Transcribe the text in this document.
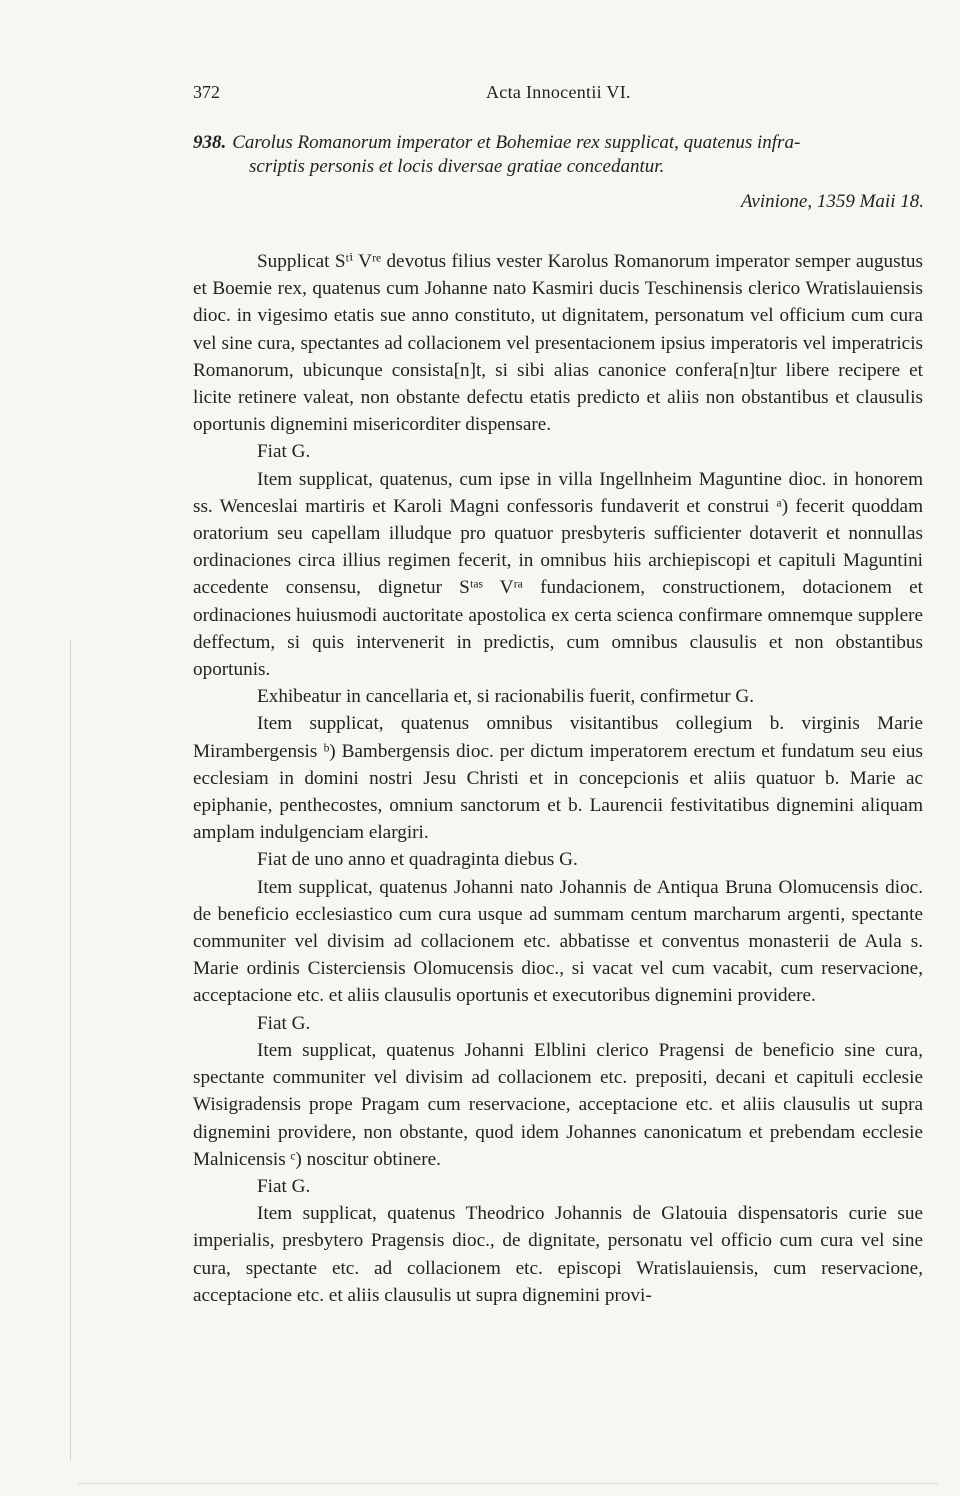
372	Acta Innocentii VI.
938. Carolus Romanorum imperator et Bohemiae rex supplicat, quatenus infra-
scriptis personis et locis diversae gratiae concedantur.
Avinione, 1359 Maii 18.

Supplicat Sᵗⁱ Vʳᵉ devotus filius vester Karolus Romanorum imperator semper augustus et Boemie rex, quatenus cum Johanne nato Kasmiri ducis Teschinensis clerico Wratislauiensis dioc. in vigesimo etatis sue anno constituto, ut dignitatem, personatum vel officium cum cura vel sine cura, spectantes ad collacionem vel presentacionem ipsius imperatoris vel imperatricis Romanorum, ubicunque consista[n]t, si sibi alias canonice confera[n]tur libere recipere et licite retinere valeat, non obstante defectu etatis predicto et aliis non obstantibus et clausulis oportunis dignemini misericorditer dispensare.

Fiat G.

Item supplicat, quatenus, cum ipse in villa Ingellnheim Maguntine dioc. in honorem ss. Wenceslai martiris et Karoli Magni confessoris fundaverit et construi ᵃ) fecerit quoddam oratorium seu capellam illudque pro quatuor presbyteris sufficienter dotaverit et nonnullas ordinaciones circa illius regimen fecerit, in omnibus hiis archiepiscopi et capituli Maguntini accedente consensu, dignetur Sᵗᵃˢ Vʳᵃ fundacionem, constructionem, dotacionem et ordinaciones huiusmodi auctoritate apostolica ex certa scienca confirmare omnemque supplere deffectum, si quis intervenerit in predictis, cum omnibus clausulis et non obstantibus oportunis.

Exhibeatur in cancellaria et, si racionabilis fuerit, confirmetur G.

Item supplicat, quatenus omnibus visitantibus collegium b. virginis Marie Mirambergensis ᵇ) Bambergensis dioc. per dictum imperatorem erectum et fundatum seu eius ecclesiam in domini nostri Jesu Christi et in concepcionis et aliis quatuor b. Marie ac epiphanie, penthecostes, omnium sanctorum et b. Laurencii festivitatibus dignemini aliquam amplam indulgenciam elargiri.

Fiat de uno anno et quadraginta diebus G.

Item supplicat, quatenus Johanni nato Johannis de Antiqua Bruna Olomucensis dioc. de beneficio ecclesiastico cum cura usque ad summam centum marcharum argenti, spectante communiter vel divisim ad collacionem etc. abbatisse et conventus monasterii de Aula s. Marie ordinis Cisterciensis Olomucensis dioc., si vacat vel cum vacabit, cum reservacione, acceptacione etc. et aliis clausulis oportunis et executoribus dignemini providere.

Fiat G.

Item supplicat, quatenus Johanni Elblini clerico Pragensi de beneficio sine cura, spectante communiter vel divisim ad collacionem etc. prepositi, decani et capituli ecclesie Wisigradensis prope Pragam cum reservacione, acceptacione etc. et aliis clausulis ut supra dignemini providere, non obstante, quod idem Johannes canonicatum et prebendam ecclesie Malnicensis ᶜ) noscitur obtinere.

Fiat G.

Item supplicat, quatenus Theodrico Johannis de Glatouia dispensatoris curie sue imperialis, presbytero Pragensis dioc., de dignitate, personatu vel officio cum cura vel sine cura, spectante etc. ad collacionem etc. episcopi Wratislauiensis, cum reservacione, acceptacione etc. et aliis clausulis ut supra dignemini provi-
